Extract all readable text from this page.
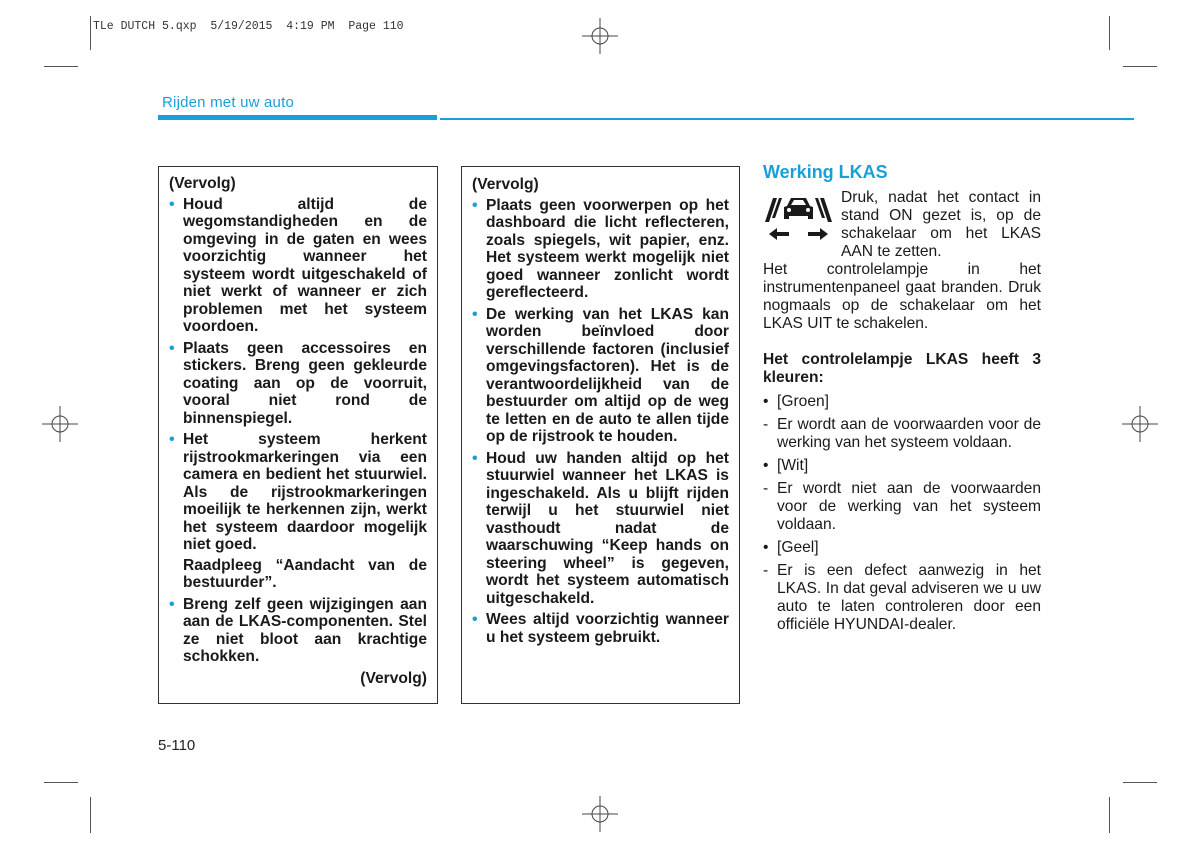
TLe DUTCH 5.qxp  5/19/2015  4:19 PM  Page 110
Rijden met uw auto
(Vervolg)
• Houd altijd de wegomstandigheden en de omgeving in de gaten en wees voorzichtig wanneer het systeem wordt uitgeschakeld of niet werkt of wanneer er zich problemen met het systeem voordoen.
• Plaats geen accessoires en stickers. Breng geen gekleurde coating aan op de voorruit, vooral niet rond de binnenspiegel.
• Het systeem herkent rijstrookmarkeringen via een camera en bedient het stuurwiel. Als de rijstrookmarkeringen moeilijk te herkennen zijn, werkt het systeem daardoor mogelijk niet goed.

Raadpleeg “Aandacht van de bestuurder”.

• Breng zelf geen wijzigingen aan aan de LKAS-componenten. Stel ze niet bloot aan krachtige schokken.
(Vervolg)
(Vervolg)
• Plaats geen voorwerpen op het dashboard die licht reflecteren, zoals spiegels, wit papier, enz. Het systeem werkt mogelijk niet goed wanneer zonlicht wordt gereflecteerd.
• De werking van het LKAS kan worden beïnvloed door verschillende factoren (inclusief omgevingsfactoren). Het is de verantwoordelijkheid van de bestuurder om altijd op de weg te letten en de auto te allen tijde op de rijstrook te houden.
• Houd uw handen altijd op het stuurwiel wanneer het LKAS is ingeschakeld. Als u blijft rijden terwijl u het stuurwiel niet vasthoudt nadat de waarschuwing “Keep hands on steering wheel” is gegeven, wordt het systeem automatisch uitgeschakeld.
• Wees altijd voorzichtig wanneer u het systeem gebruikt.
Werking LKAS

Druk, nadat het contact in stand ON gezet is, op de schakelaar om het LKAS AAN te zetten.

Het controlelampje in het instrumentenpaneel gaat branden. Druk nogmaals op de schakelaar om het LKAS UIT te schakelen.

Het controlelampje LKAS heeft 3 kleuren:

• [Groen]
- Er wordt aan de voorwaarden voor de werking van het systeem voldaan.
• [Wit]
- Er wordt niet aan de voorwaarden voor de werking van het systeem voldaan.
• [Geel]
- Er is een defect aanwezig in het LKAS. In dat geval adviseren we u uw auto te laten controleren door een officiële HYUNDAI-dealer.
5-110
